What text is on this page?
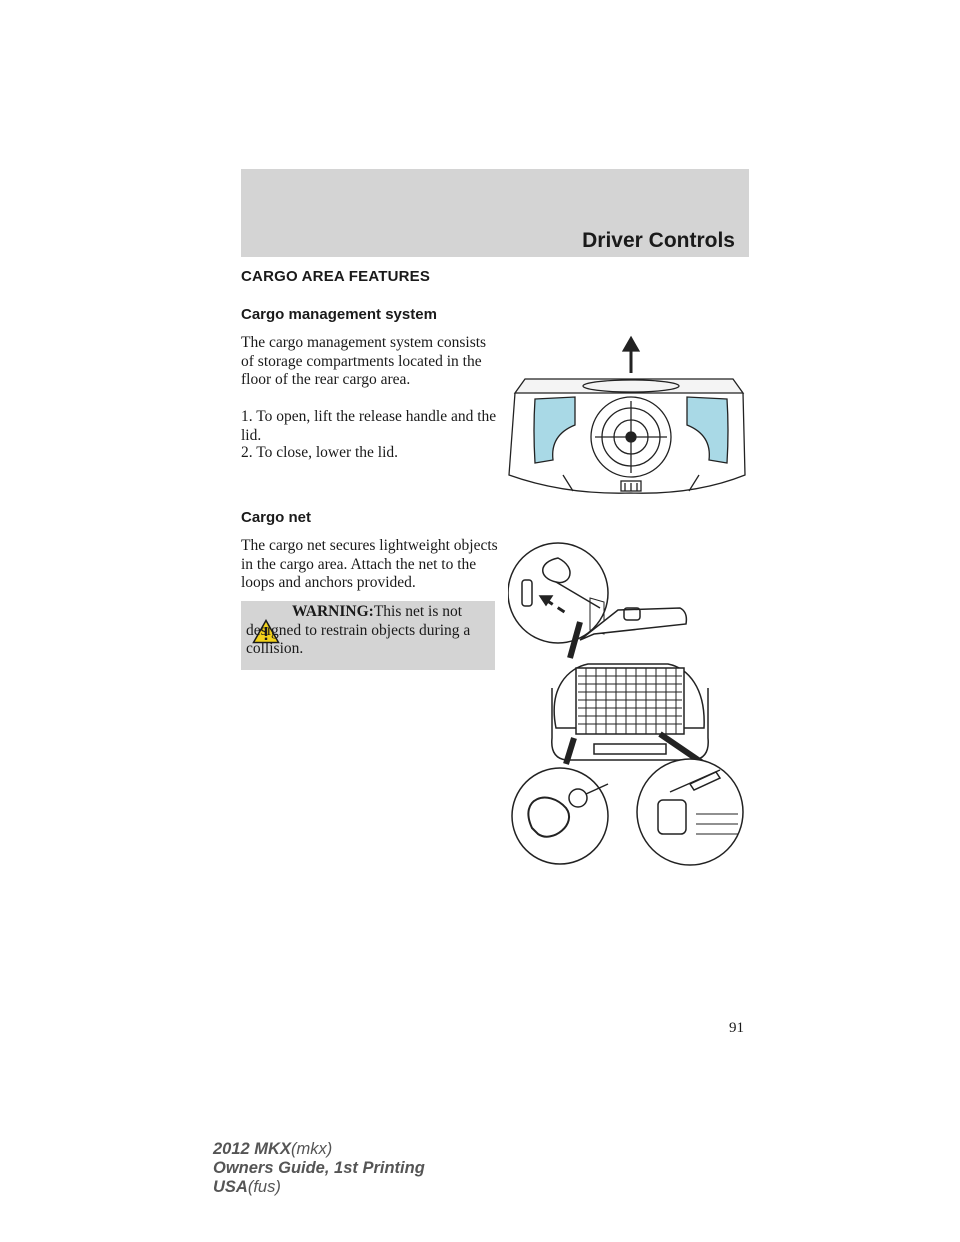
Driver Controls
CARGO AREA FEATURES
Cargo management system

The cargo management system consists of storage compartments located in the floor of the rear cargo area.

1. To open, lift the release handle and the lid.

2. To close, lower the lid.

Cargo net

The cargo net secures lightweight objects in the cargo area. Attach the net to the loops and anchors provided.

WARNING:This net is not designed to restrain objects during a collision.
91
2012 MKX(mkx)
Owners Guide, 1st Printing
USA(fus)
